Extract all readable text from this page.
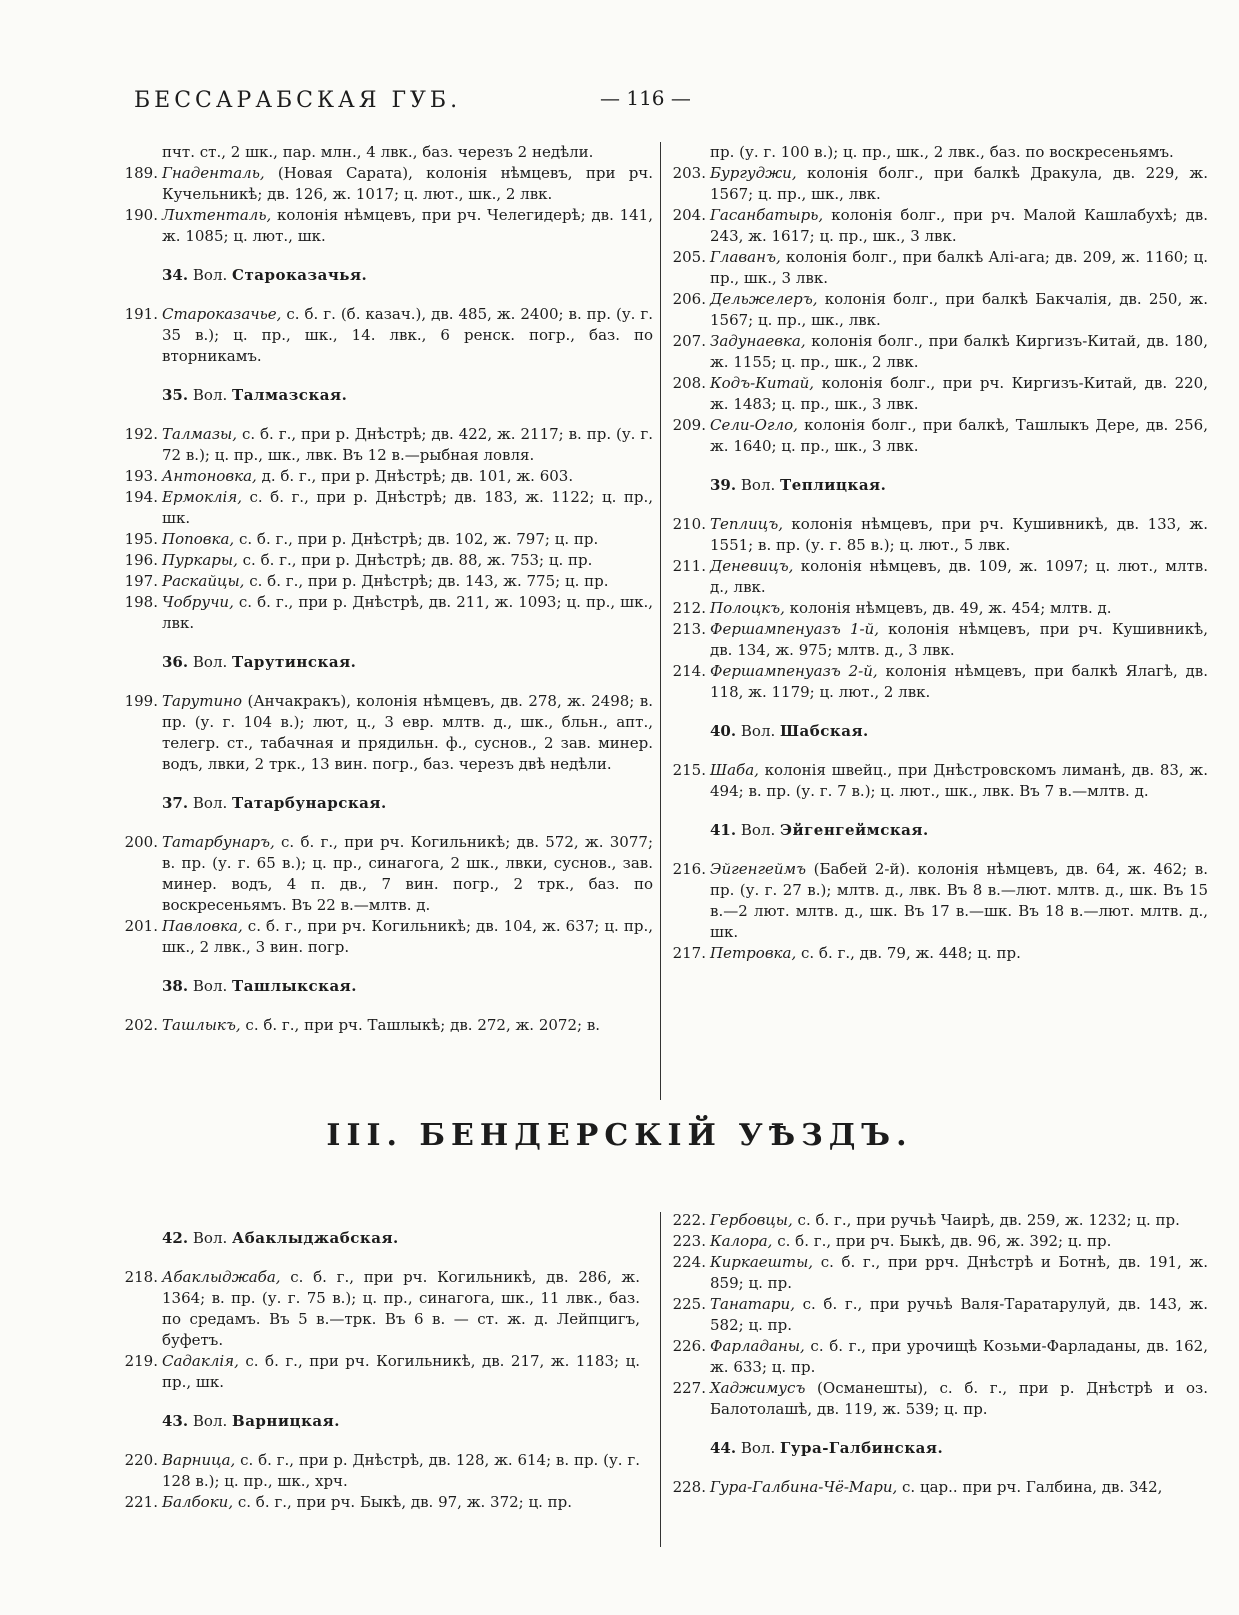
БЕССАРАБСКАЯ ГУБ.	— 116 —

пчт. ст., 2 шк., пар. млн., 4 лвк., баз. черезъ 2 недѣли.

189. Гнаденталь, (Новая Сарата), колонія нѣмцевъ, при рч. Кучельникѣ; дв. 126, ж. 1017; ц. лют., шк., 2 лвк.

190. Лихтенталь, колонія нѣмцевъ, при рч. Челегидерѣ; дв. 141, ж. 1085; ц. лют., шк.

34. Вол. Староказачья.

191. Староказачье, с. б. г. (б. казач.), дв. 485, ж. 2400; в. пр. (у. г. 35 в.); ц. пр., шк., 14. лвк., 6 ренск. погр., баз. по вторникамъ.

35. Вол. Талмазская.

192. Талмазы, с. б. г., при р. Днѣстрѣ; дв. 422, ж. 2117; в. пр. (у. г. 72 в.); ц. пр., шк., лвк. Въ 12 в.—рыбная ловля.

193. Антоновка, д. б. г., при р. Днѣстрѣ; дв. 101, ж. 603.

194. Ермоклія, с. б. г., при р. Днѣстрѣ; дв. 183, ж. 1122; ц. пр., шк.

195. Поповка, с. б. г., при р. Днѣстрѣ; дв. 102, ж. 797; ц. пр.

196. Пуркары, с. б. г., при р. Днѣстрѣ; дв. 88, ж. 753; ц. пр.

197. Раскайцы, с. б. г., при р. Днѣстрѣ; дв. 143, ж. 775; ц. пр.

198. Чобручи, с. б. г., при р. Днѣстрѣ, дв. 211, ж. 1093; ц. пр., шк., лвк.

36. Вол. Тарутинская.

199. Тарутино (Анчакракъ), колонія нѣмцевъ, дв. 278, ж. 2498; в. пр. (у. г. 104 в.); лют, ц., 3 евр. млтв. д., шк., бльн., апт., телегр. ст., табачная и прядильн. ф., суснов., 2 зав. минер. водъ, лвки, 2 трк., 13 вин. погр., баз. черезъ двѣ недѣли.

37. Вол. Татарбунарская.

200. Татарбунаръ, с. б. г., при рч. Когильникѣ; дв. 572, ж. 3077; в. пр. (у. г. 65 в.); ц. пр., синагога, 2 шк., лвки, суснов., зав. минер. водъ, 4 п. дв., 7 вин. погр., 2 трк., баз. по воскресеньямъ. Въ 22 в.—млтв. д.

201. Павловка, с. б. г., при рч. Когильникѣ; дв. 104, ж. 637; ц. пр., шк., 2 лвк., 3 вин. погр.

38. Вол. Ташлыкская.

202. Ташлыкъ, с. б. г., при рч. Ташлыкѣ; дв. 272, ж. 2072; в.

пр. (у. г. 100 в.); ц. пр., шк., 2 лвк., баз. по воскресеньямъ.

203. Бургуджи, колонія болг., при балкѣ Дракула, дв. 229, ж. 1567; ц. пр., шк., лвк.

204. Гасанбатырь, колонія болг., при рч. Малой Кашлабухѣ; дв. 243, ж. 1617; ц. пр., шк., 3 лвк.

205. Главанъ, колонія болг., при балкѣ Алі-ага; дв. 209, ж. 1160; ц. пр., шк., 3 лвк.

206. Дельжелеръ, колонія болг., при балкѣ Бакчалія, дв. 250, ж. 1567; ц. пр., шк., лвк.

207. Задунаевка, колонія болг., при балкѣ Киргизъ-Китай, дв. 180, ж. 1155; ц. пр., шк., 2 лвк.

208. Кодъ-Китай, колонія болг., при рч. Киргизъ-Китай, дв. 220, ж. 1483; ц. пр., шк., 3 лвк.

209. Сели-Огло, колонія болг., при балкѣ, Ташлыкъ Дере, дв. 256, ж. 1640; ц. пр., шк., 3 лвк.

39. Вол. Теплицкая.

210. Теплицъ, колонія нѣмцевъ, при рч. Кушивникѣ, дв. 133, ж. 1551; в. пр. (у. г. 85 в.); ц. лют., 5 лвк.

211. Деневицъ, колонія нѣмцевъ, дв. 109, ж. 1097; ц. лют., млтв. д., лвк.

212. Полоцкъ, колонія нѣмцевъ, дв. 49, ж. 454; млтв. д.

213. Фершампенуазъ 1-й, колонія нѣмцевъ, при рч. Кушивникѣ, дв. 134, ж. 975; млтв. д., 3 лвк.

214. Фершампенуазъ 2-й, колонія нѣмцевъ, при балкѣ Ялагѣ, дв. 118, ж. 1179; ц. лют., 2 лвк.

40. Вол. Шабская.

215. Шаба, колонія швейц., при Днѣстровскомъ лиманѣ, дв. 83, ж. 494; в. пр. (у. г. 7 в.); ц. лют., шк., лвк. Въ 7 в.—млтв. д.

41. Вол. Эйгенгеймская.

216. Эйгенгеймъ (Бабей 2-й). колонія нѣмцевъ, дв. 64, ж. 462; в. пр. (у. г. 27 в.); млтв. д., лвк. Въ 8 в.—лют. млтв. д., шк. Въ 15 в.—2 лют. млтв. д., шк. Въ 17 в.—шк. Въ 18 в.—лют. млтв. д., шк.

217. Петровка, с. б. г., дв. 79, ж. 448; ц. пр.

III. БЕНДЕРСКІЙ УѢЗДЪ.
42. Вол. Абаклыджабская.

218. Абаклыджаба, с. б. г., при рч. Когильникѣ, дв. 286, ж. 1364; в. пр. (у. г. 75 в.); ц. пр., синагога, шк., 11 лвк., баз. по средамъ. Въ 5 в.—трк. Въ 6 в. — ст. ж. д. Лейпцигъ, буфетъ.

219. Садаклія, с. б. г., при рч. Когильникѣ, дв. 217, ж. 1183; ц. пр., шк.

43. Вол. Варницкая.

220. Варница, с. б. г., при р. Днѣстрѣ, дв. 128, ж. 614; в. пр. (у. г. 128 в.); ц. пр., шк., хрч.

221. Балбоки, с. б. г., при рч. Быкѣ, дв. 97, ж. 372; ц. пр.

222. Гербовцы, с. б. г., при ручьѣ Чаирѣ, дв. 259, ж. 1232; ц. пр.

223. Калора, с. б. г., при рч. Быкѣ, дв. 96, ж. 392; ц. пр.

224. Киркаешты, с. б. г., при ррч. Днѣстрѣ и Ботнѣ, дв. 191, ж. 859; ц. пр.

225. Танатари, с. б. г., при ручьѣ Валя-Таратарулуй, дв. 143, ж. 582; ц. пр.

226. Фарладаны, с. б. г., при урочищѣ Козьми-Фарладаны, дв. 162, ж. 633; ц. пр.

227. Хаджимусъ (Османешты), с. б. г., при р. Днѣстрѣ и оз. Балотолашѣ, дв. 119, ж. 539; ц. пр.

44. Вол. Гура-Галбинская.

228. Гура-Галбина-Чё-Мари, с. цар.. при рч. Галбина, дв. 342,
